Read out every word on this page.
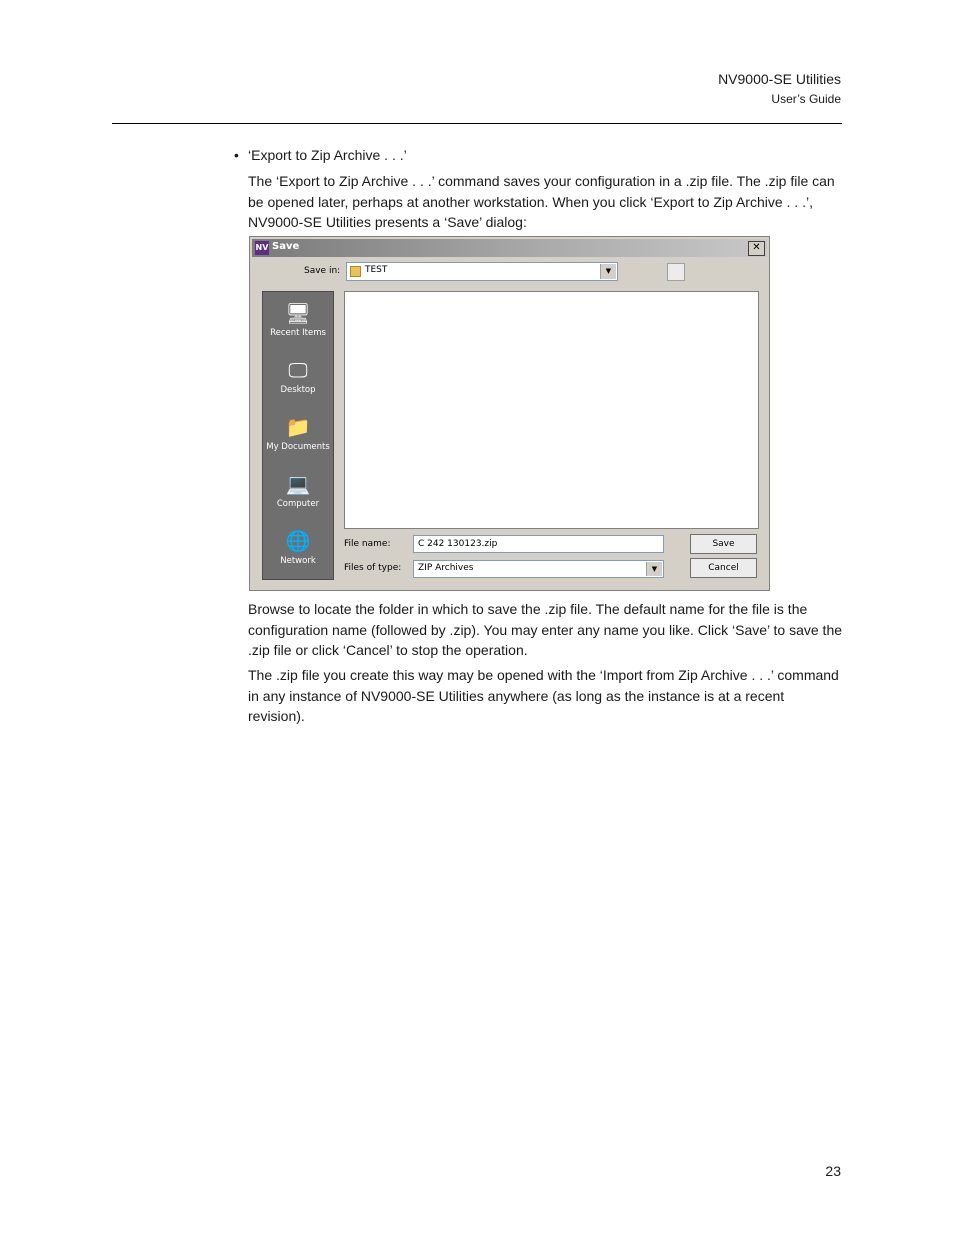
NV9000-SE Utilities
User’s Guide
• ‘Export to Zip Archive . . .’

The ‘Export to Zip Archive . . .’ command saves your configuration in a .zip file. The .zip file can be opened later, perhaps at another workstation. When you click ‘Export to Zip Archive . . .’, NV9000-SE Utilities presents a ‘Save’ dialog:

NV Save	✕
Save in:	TEST	▼
🖥
Recent Items
🖵
Desktop
📁
My Documents
💻
Computer
🌐
Network
File name:
C 242 130123.zip
Files of type: ZIP Archives	▼
Save
Cancel

Browse to locate the folder in which to save the .zip file. The default name for the file is the configuration name (followed by .zip). You may enter any name you like. Click ‘Save’ to save the .zip file or click ‘Cancel’ to stop the operation.

The .zip file you create this way may be opened with the ‘Import from Zip Archive . . .’ command in any instance of NV9000-SE Utilities anywhere (as long as the instance is at a recent revision).

23
